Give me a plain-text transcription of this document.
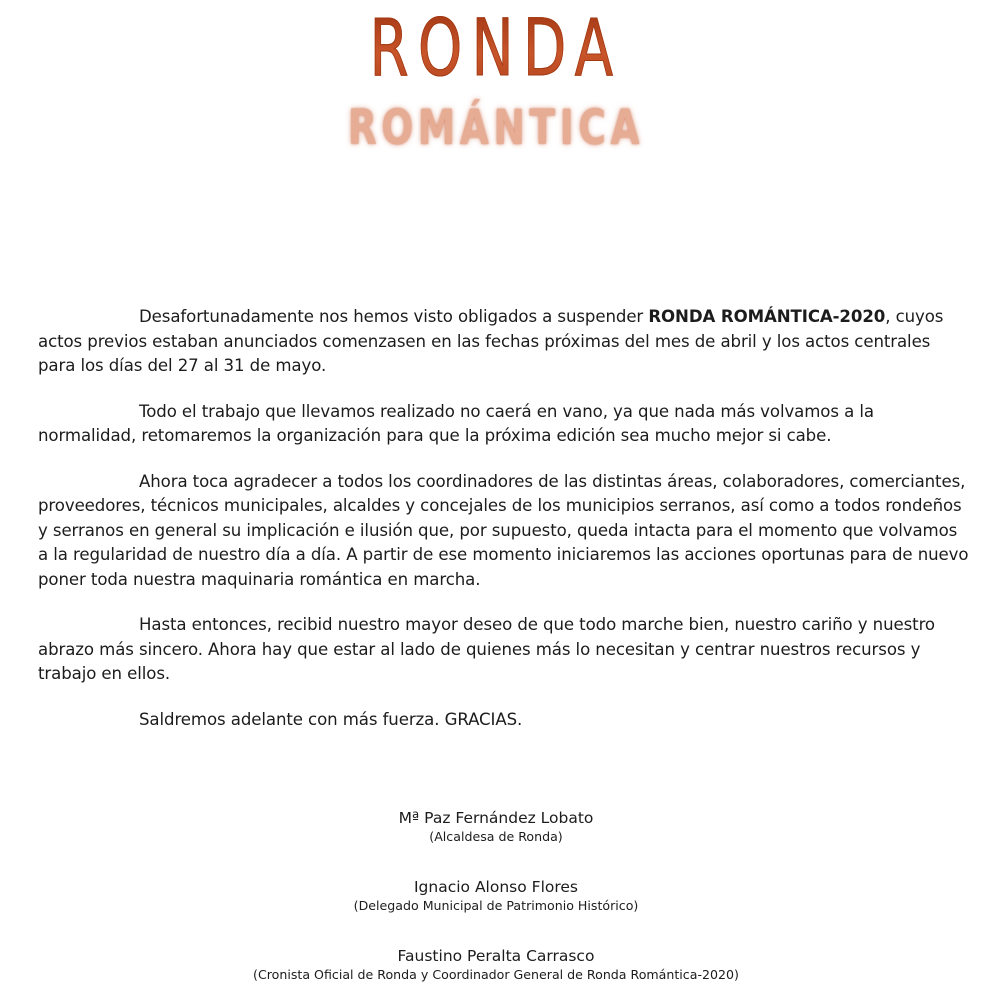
RONDA
ROMÁNTICA

Desafortunadamente nos hemos visto obligados a suspender RONDA ROMÁNTICA-2020, cuyos actos previos estaban anunciados comenzasen en las fechas próximas del mes de abril y los actos centrales para los días del 27 al 31 de mayo.

Todo el trabajo que llevamos realizado no caerá en vano, ya que nada más volvamos a la normalidad, retomaremos la organización para que la próxima edición sea mucho mejor si cabe.

Ahora toca agradecer a todos los coordinadores de las distintas áreas, colaboradores, comerciantes, proveedores, técnicos municipales, alcaldes y concejales de los municipios serranos, así como a todos rondeños y serranos en general su implicación e ilusión que, por supuesto, queda intacta para el momento que volvamos a la regularidad de nuestro día a día. A partir de ese momento iniciaremos las acciones oportunas para de nuevo poner toda nuestra maquinaria romántica en marcha.

Hasta entonces, recibid nuestro mayor deseo de que todo marche bien, nuestro cariño y nuestro abrazo más sincero. Ahora hay que estar al lado de quienes más lo necesitan y centrar nuestros recursos y trabajo en ellos.

Saldremos adelante con más fuerza. GRACIAS.

Mª Paz Fernández Lobato
(Alcaldesa de Ronda)
Ignacio Alonso Flores
(Delegado Municipal de Patrimonio Histórico)
Faustino Peralta Carrasco
(Cronista Oficial de Ronda y Coordinador General de Ronda Romántica-2020)
